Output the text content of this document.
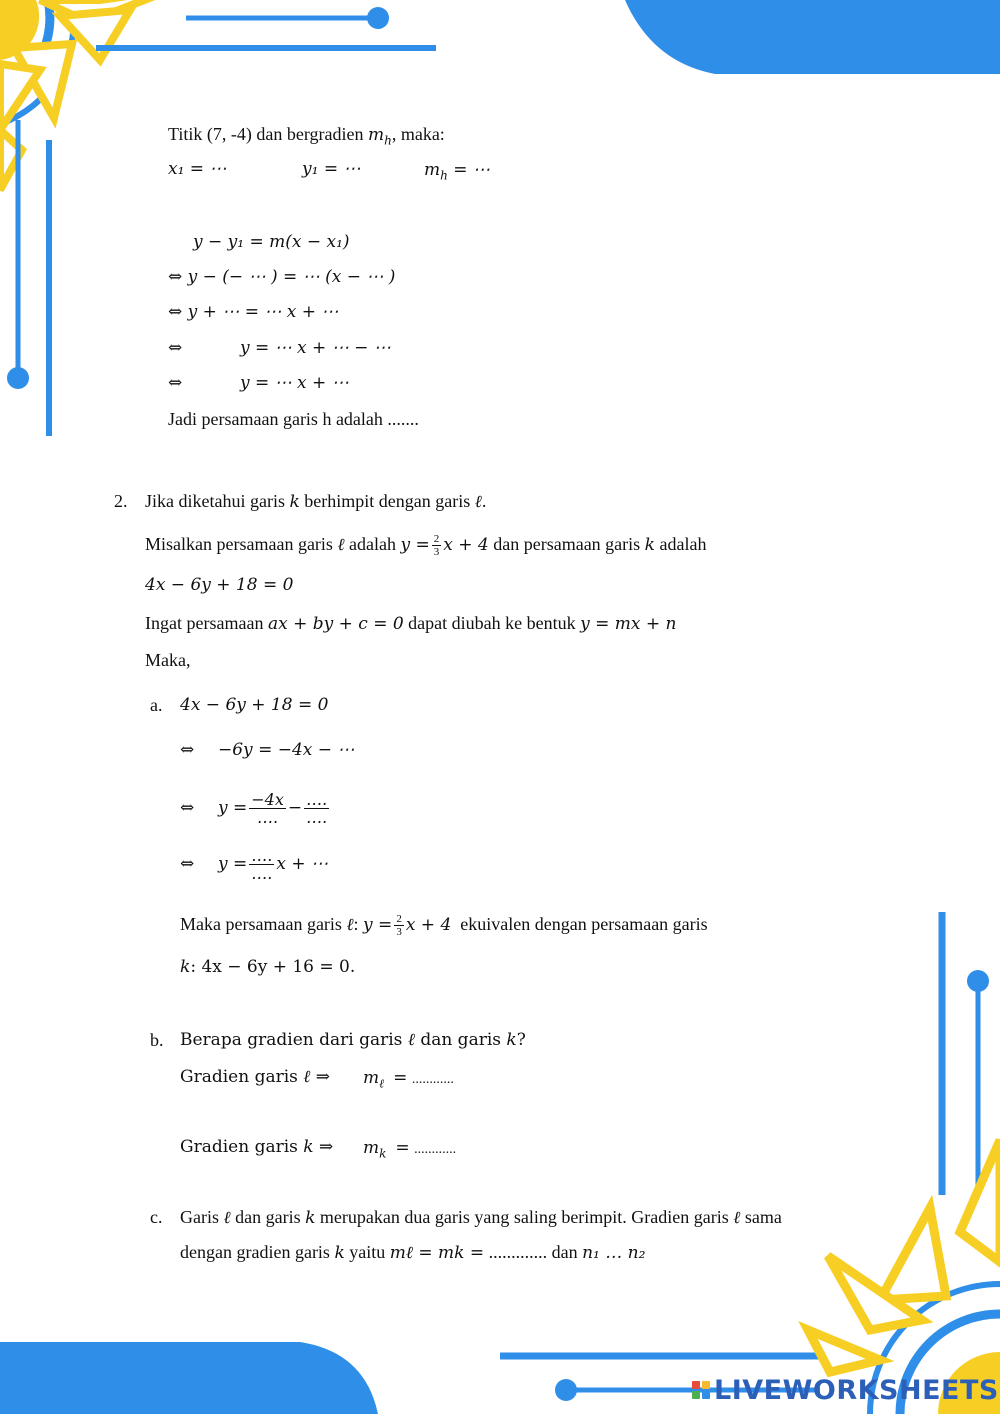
Titik (7, -4) dan bergradien $m_h$, maka:
x₁ = ⋯	y₁ = ⋯	$m_h$ = ⋯
y − y₁ = m(x − x₁)
⇔ y − (− ⋯ ) = ⋯ (x − ⋯ )
⇔ y + ⋯ = ⋯ x + ⋯
⇔	y = ⋯ x + ⋯ − ⋯
⇔	y = ⋯ x + ⋯
Jadi persamaan garis h adalah .......
2. Jika diketahui garis k berhimpit dengan garis ℓ.
Misalkan persamaan garis ℓ adalah $y = \frac{2}{3}$ x + 4 dan persamaan garis k adalah
4x − 6y + 18 = 0
Ingat persamaan ax + by + c = 0 dapat diubah ke bentuk y = mx + n
Maka,
a. 4x − 6y + 18 = 0
⇔ −6y = −4x − ⋯
⇔ $y = \frac{-4x}{\dots.} - \frac{\dots.}{\dots.}$
⇔ $y = \frac{\dots.}{\dots.}$ x + ⋯
Maka persamaan garis ℓ: $y = \frac{2}{3}$ x + 4 ekuivalen dengan persamaan garis
k: 4x − 6y + 16 = 0.
b. Berapa gradien dari garis ℓ dan garis k?
Gradien garis ℓ ⇒ $m_\ell$ = ............
Gradien garis k ⇒ $m_k$ = ............
c. Garis ℓ dan garis k merupakan dua garis yang saling berimpit. Gradien garis ℓ sama
dengan gradien garis k yaitu mℓ = mk = ............. dan n₁ … n₂
LIVEWORKSHEETS
